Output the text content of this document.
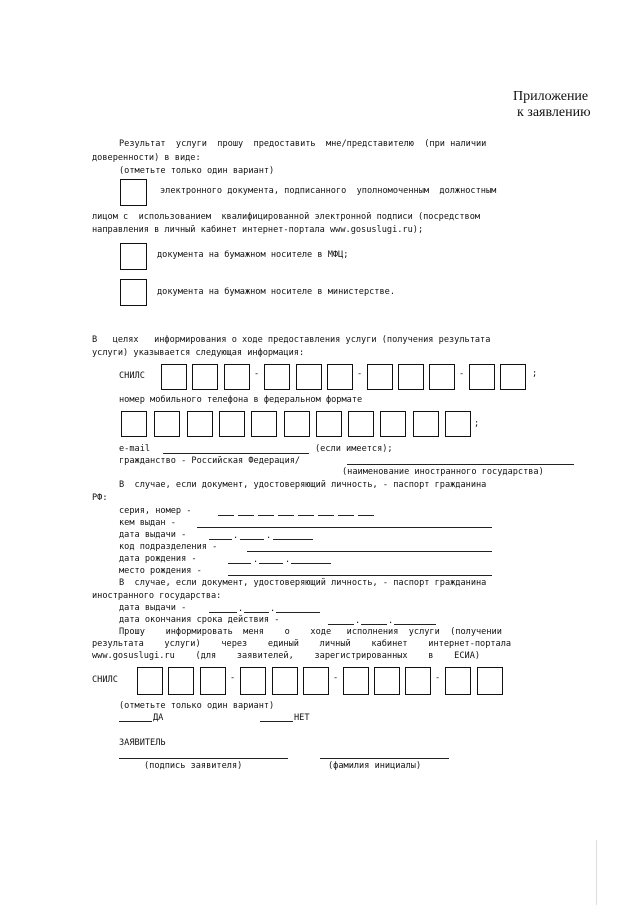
Приложение
к заявлению
Результат  услуги  прошу  предоставить  мне/представителю  (при наличии
доверенности) в виде:
(отметьте только один вариант)
электронного документа, подписанного  уполномоченным  должностным
лицом с  использованием  квалифицированной электронной подписи (посредством
направления в личный кабинет интернет-портала www.gosuslugi.ru);
документа на бумажном носителе в МФЦ;
документа на бумажном носителе в министерстве.
В   целях   информирования о ходе предоставления услуги (получения результата
услуги) указывается следующая информация:
СНИЛС	-	-	-	;
номер мобильного телефона в федеральном формате
;
e-mail	(если имеется);
гражданство - Российская Федерация/
(наименование иностранного государства)
В  случае, если документ, удостоверяющий личность, - паспорт гражданина
РФ:
серия, номер -
кем выдан -
дата выдачи -	.	.
код подразделения -
дата рождения -	.	.
место рождения -
В  случае, если документ, удостоверяющий личность, - паспорт гражданина
иностранного государства:
дата выдачи -	.	.
дата окончания срока действия -	.	.
Прошу    информировать  меня    о    ходе   исполнения  услуги  (получении
результата    услуги)    через    единый    личный    кабинет    интернет-портала
www.gosuslugi.ru    (для    заявителей,    зарегистрированных    в    ЕСИА)
СНИЛС	-	-	-
(отметьте только один вариант)
ДА	НЕТ
ЗАЯВИТЕЛЬ
(подпись заявителя)	(фамилия инициалы)
